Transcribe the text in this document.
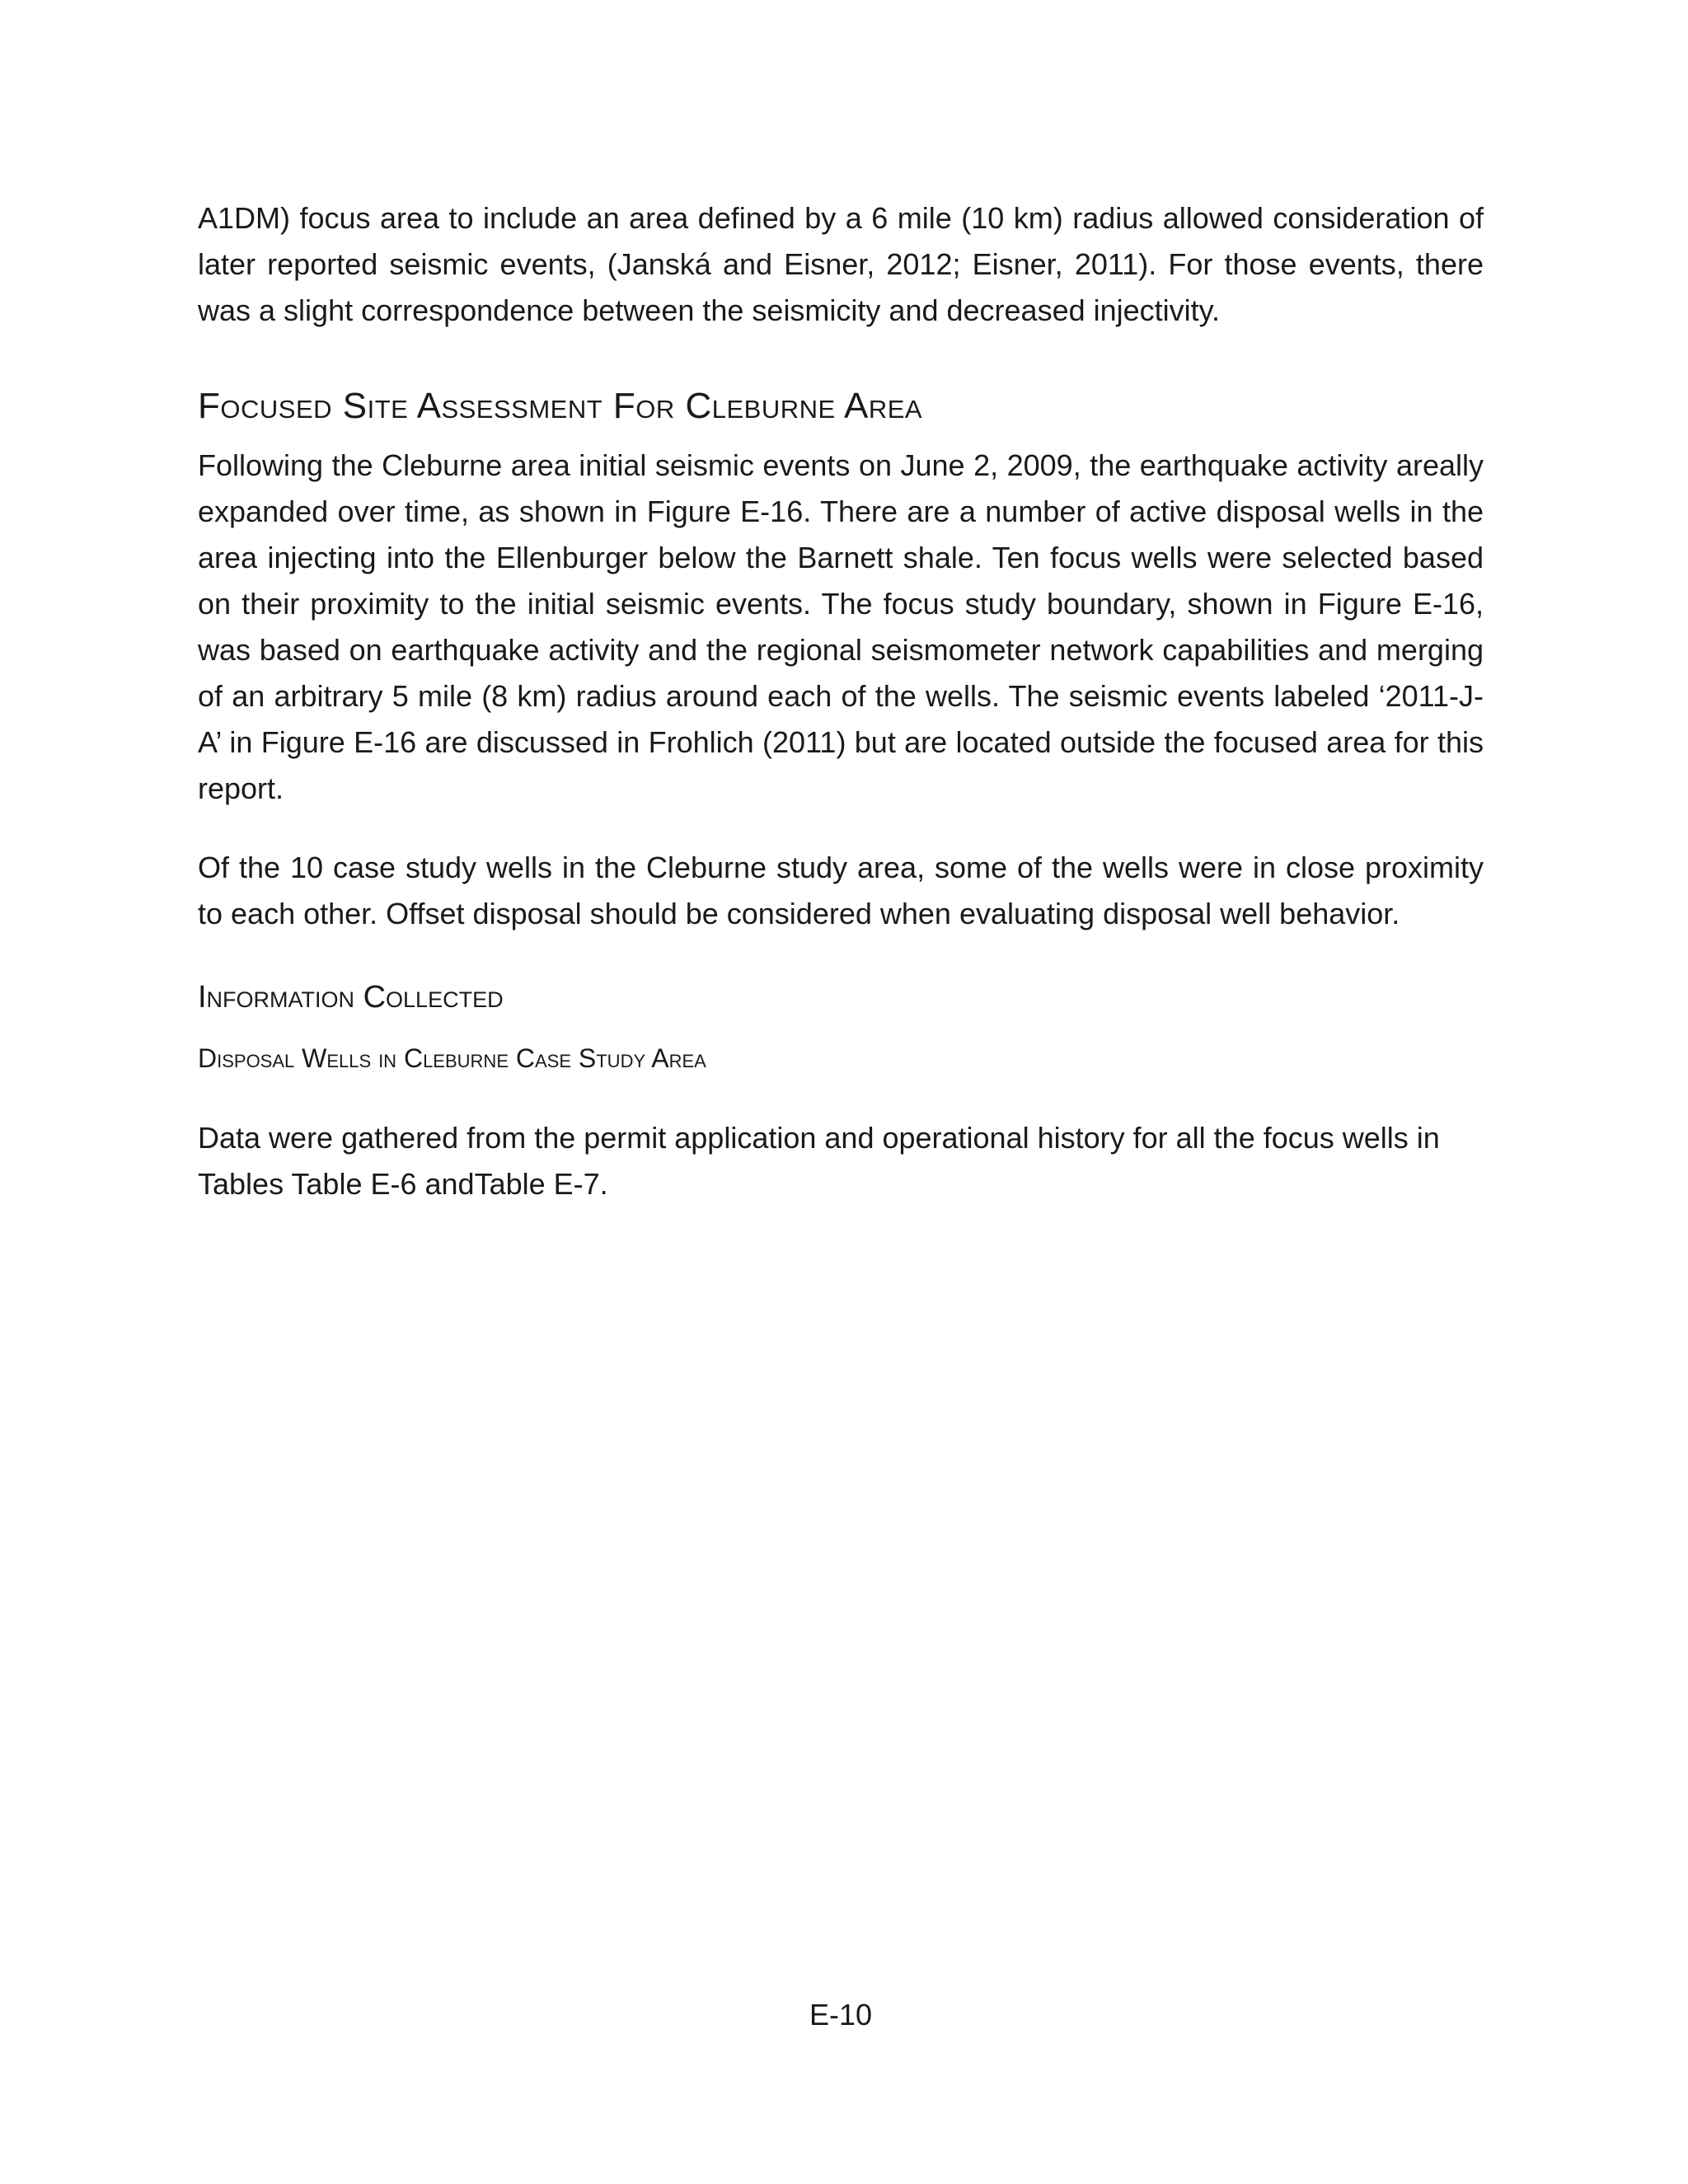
A1DM) focus area to include an area defined by a 6 mile (10 km) radius allowed consideration of later reported seismic events, (Janská and Eisner, 2012; Eisner, 2011). For those events, there was a slight correspondence between the seismicity and decreased injectivity.

Focused Site Assessment For Cleburne Area

Following the Cleburne area initial seismic events on June 2, 2009, the earthquake activity areally expanded over time, as shown in Figure E-16. There are a number of active disposal wells in the area injecting into the Ellenburger below the Barnett shale. Ten focus wells were selected based on their proximity to the initial seismic events. The focus study boundary, shown in Figure E-16, was based on earthquake activity and the regional seismometer network capabilities and merging of an arbitrary 5 mile (8 km) radius around each of the wells. The seismic events labeled ‘2011-J-A’ in Figure E-16 are discussed in Frohlich (2011) but are located outside the focused area for this report.

Of the 10 case study wells in the Cleburne study area, some of the wells were in close proximity to each other. Offset disposal should be considered when evaluating disposal well behavior.

Information Collected
Disposal Wells in Cleburne Case Study Area

Data were gathered from the permit application and operational history for all the focus wells in Tables Table E-6 andTable E-7.

E-10
